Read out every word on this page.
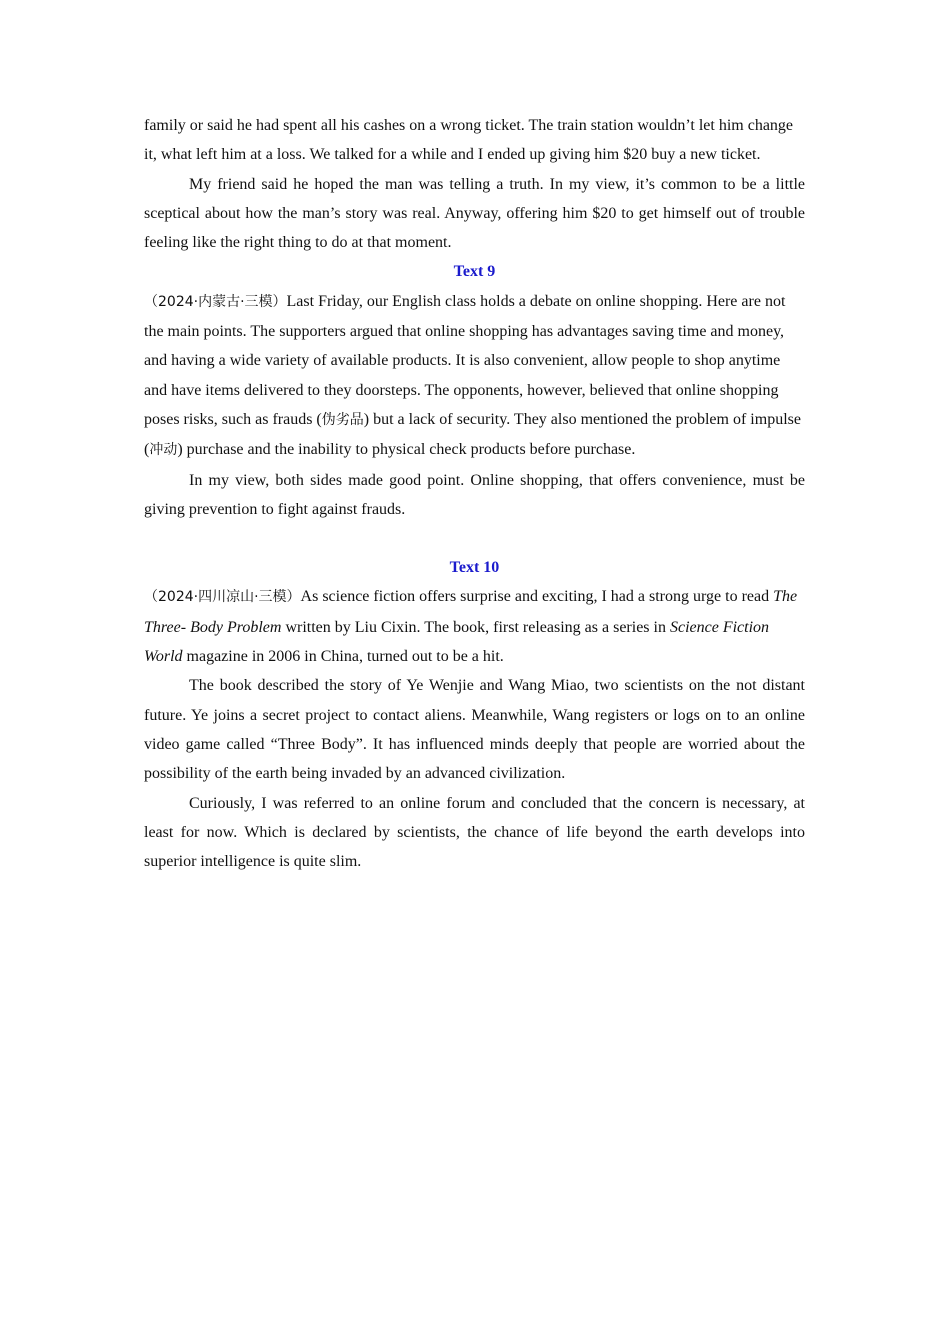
family or said he had spent all his cashes on a wrong ticket. The train station wouldn’t let him change it, what left him at a loss. We talked for a while and I ended up giving him $20 buy a new ticket.

My friend said he hoped the man was telling a truth. In my view, it’s common to be a little sceptical about how the man’s story was real. Anyway, offering him $20 to get himself out of trouble feeling like the right thing to do at that moment.

Text 9

（2024·内蒙古·三模）Last Friday, our English class holds a debate on online shopping. Here are not the main points. The supporters argued that online shopping has advantages saving time and money, and having a wide variety of available products. It is also convenient, allow people to shop anytime and have items delivered to they doorsteps. The opponents, however, believed that online shopping poses risks, such as frauds (伪劣品) but a lack of security. They also mentioned the problem of impulse (冲动) purchase and the inability to physical check products before purchase.

In my view, both sides made good point. Online shopping, that offers convenience, must be giving prevention to fight against frauds.

Text 10

（2024·四川凉山·三模）As science fiction offers surprise and exciting, I had a strong urge to read The Three- Body Problem written by Liu Cixin. The book, first releasing as a series in Science Fiction World magazine in 2006 in China, turned out to be a hit.

The book described the story of Ye Wenjie and Wang Miao, two scientists on the not distant future. Ye joins a secret project to contact aliens. Meanwhile, Wang registers or logs on to an online video game called “Three Body”. It has influenced minds deeply that people are worried about the possibility of the earth being invaded by an advanced civilization.

Curiously, I was referred to an online forum and concluded that the concern is necessary, at least for now. Which is declared by scientists, the chance of life beyond the earth develops into superior intelligence is quite slim.
